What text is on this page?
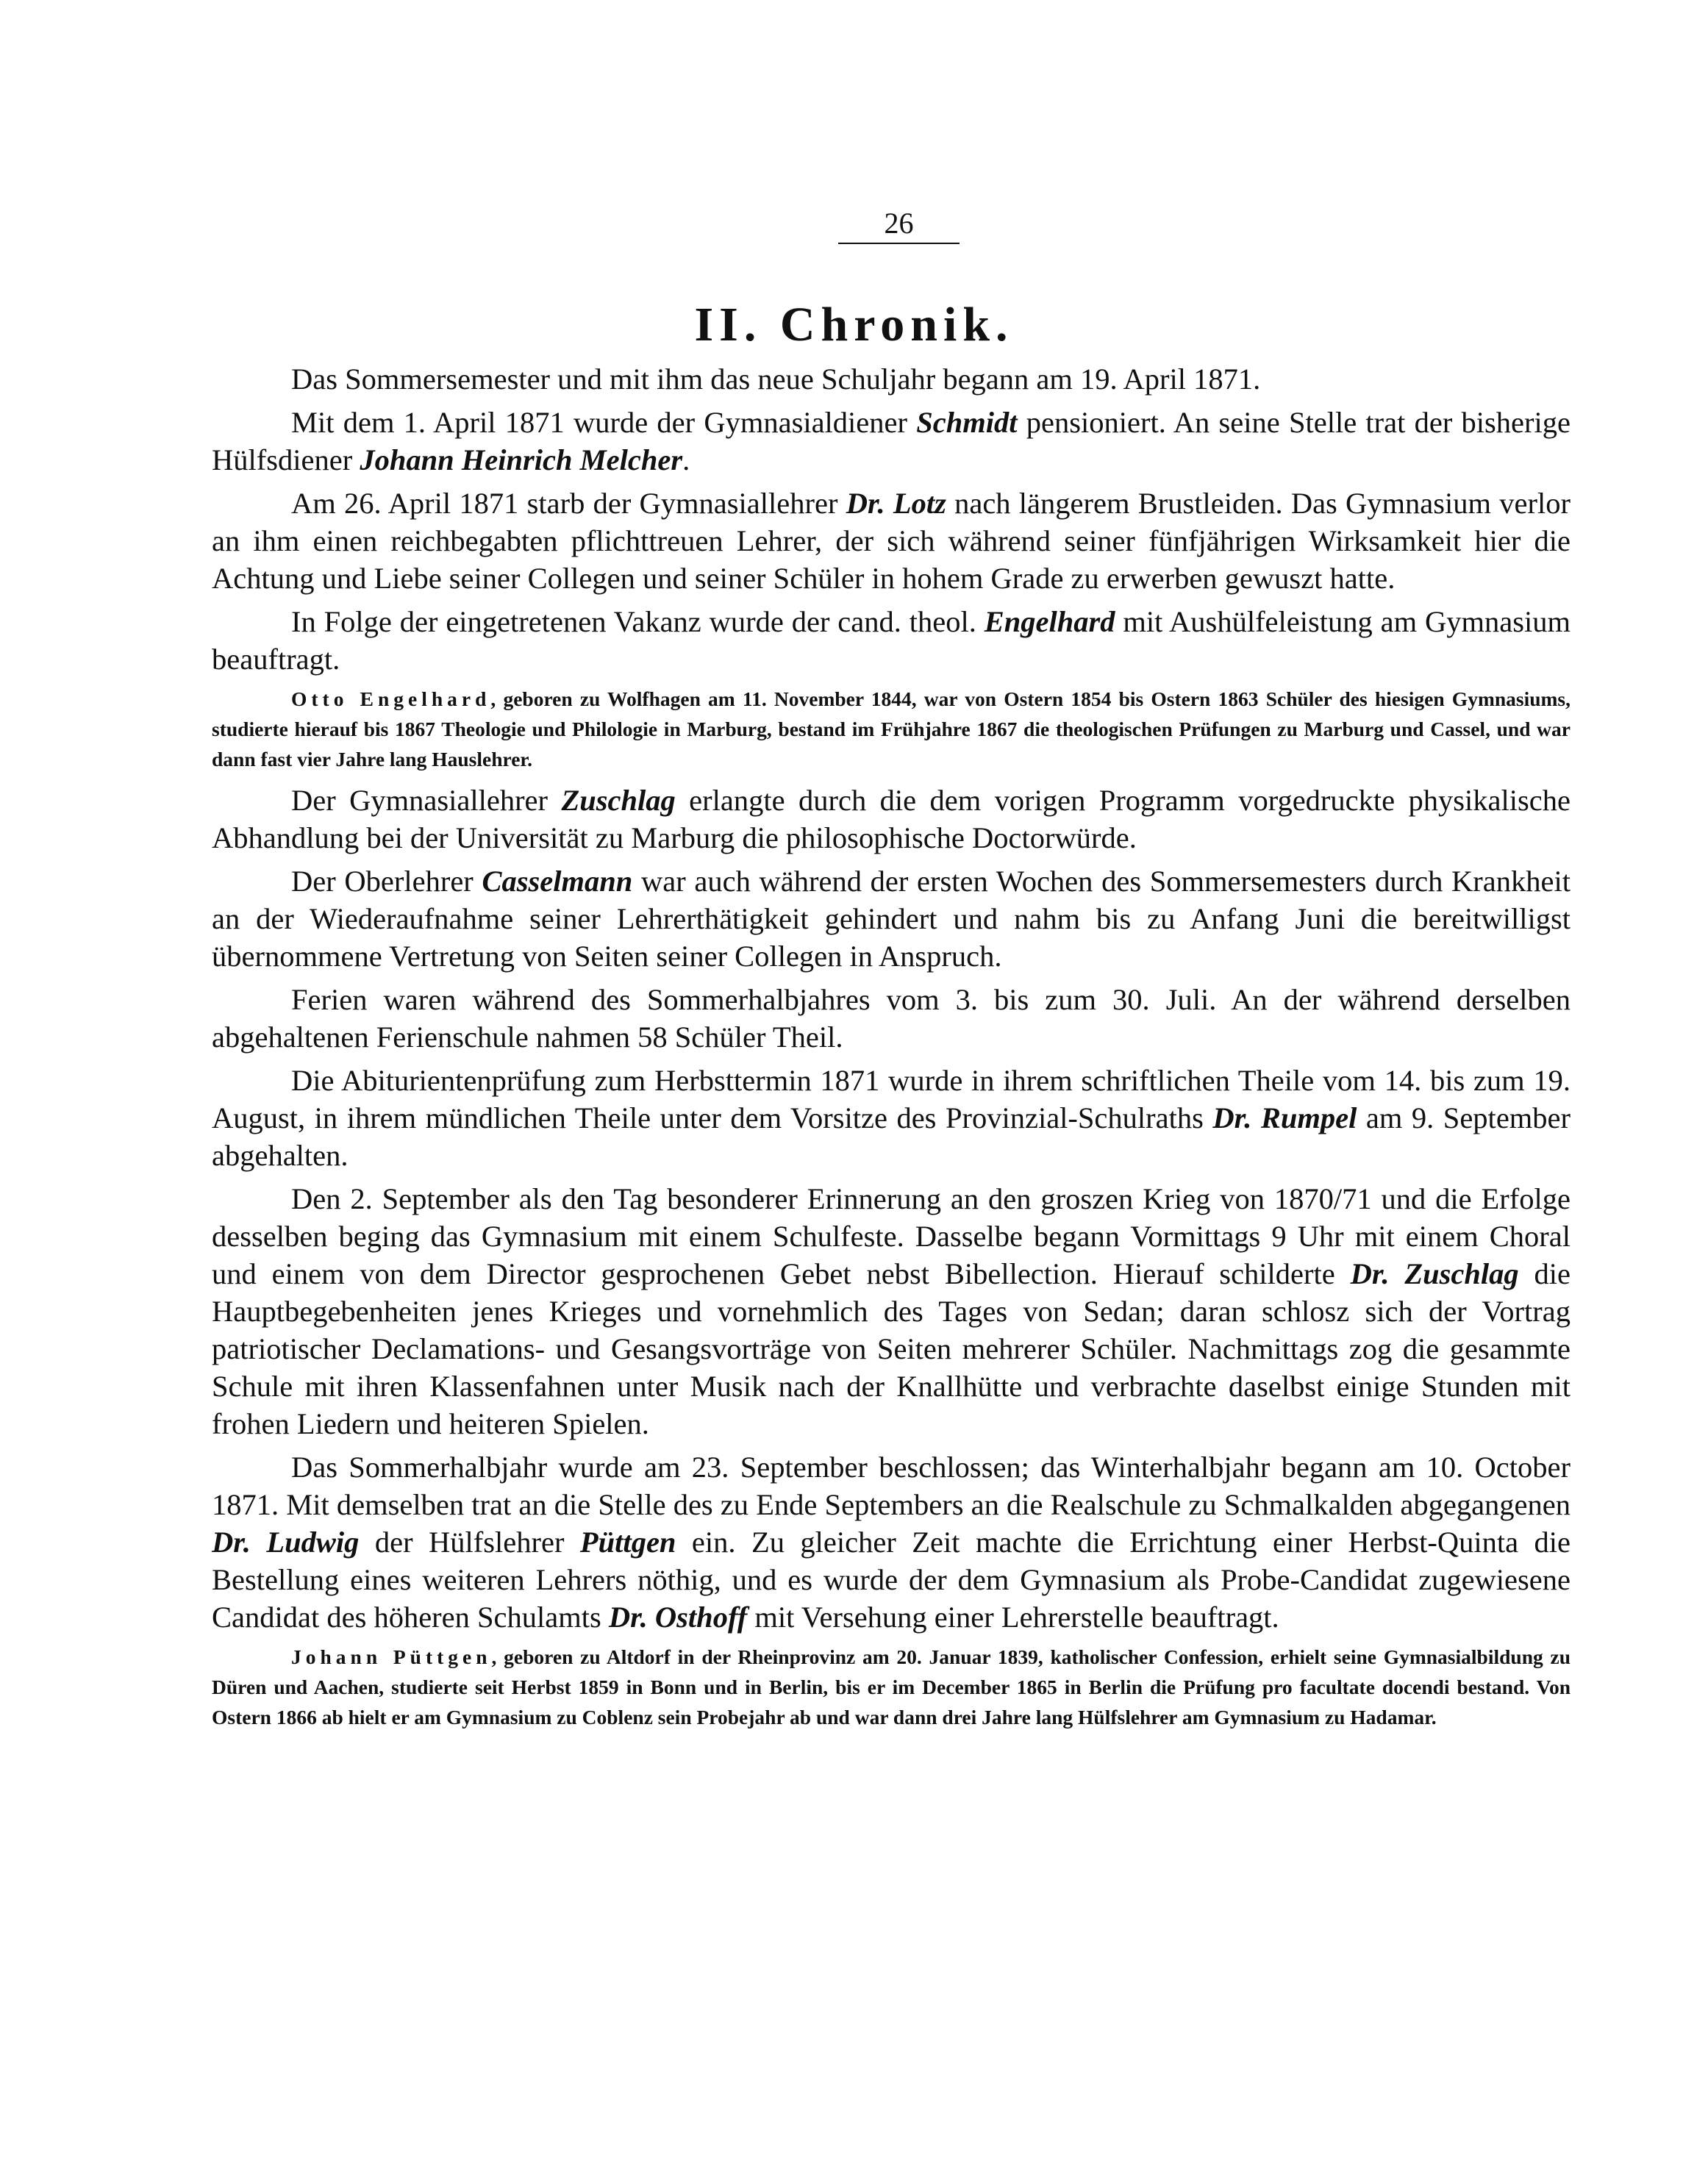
26
II. Chronik.

Das Sommersemester und mit ihm das neue Schuljahr begann am 19. April 1871.

Mit dem 1. April 1871 wurde der Gymnasialdiener Schmidt pensioniert. An seine Stelle trat der bisherige Hülfsdiener Johann Heinrich Melcher.

Am 26. April 1871 starb der Gymnasiallehrer Dr. Lotz nach längerem Brustleiden. Das Gymnasium verlor an ihm einen reichbegabten pflichttreuen Lehrer, der sich während seiner fünfjährigen Wirksamkeit hier die Achtung und Liebe seiner Collegen und seiner Schüler in hohem Grade zu erwerben gewuszt hatte.

In Folge der eingetretenen Vakanz wurde der cand. theol. Engelhard mit Aushülfeleistung am Gymnasium beauftragt.

Otto Engelhard, geboren zu Wolfhagen am 11. November 1844, war von Ostern 1854 bis Ostern 1863 Schüler des hiesigen Gymnasiums, studierte hierauf bis 1867 Theologie und Philologie in Marburg, bestand im Frühjahre 1867 die theologischen Prüfungen zu Marburg und Cassel, und war dann fast vier Jahre lang Hauslehrer.

Der Gymnasiallehrer Zuschlag erlangte durch die dem vorigen Programm vorgedruckte physikalische Abhandlung bei der Universität zu Marburg die philosophische Doctorwürde.

Der Oberlehrer Casselmann war auch während der ersten Wochen des Sommersemesters durch Krankheit an der Wiederaufnahme seiner Lehrerthätigkeit gehindert und nahm bis zu Anfang Juni die bereitwilligst übernommene Vertretung von Seiten seiner Collegen in Anspruch.

Ferien waren während des Sommerhalbjahres vom 3. bis zum 30. Juli. An der während derselben abgehaltenen Ferienschule nahmen 58 Schüler Theil.

Die Abiturientenprüfung zum Herbsttermin 1871 wurde in ihrem schriftlichen Theile vom 14. bis zum 19. August, in ihrem mündlichen Theile unter dem Vorsitze des Provinzial-Schulraths Dr. Rumpel am 9. September abgehalten.

Den 2. September als den Tag besonderer Erinnerung an den groszen Krieg von 1870/71 und die Erfolge desselben beging das Gymnasium mit einem Schulfeste. Dasselbe begann Vormittags 9 Uhr mit einem Choral und einem von dem Director gesprochenen Gebet nebst Bibellection. Hierauf schilderte Dr. Zuschlag die Hauptbegebenheiten jenes Krieges und vornehmlich des Tages von Sedan; daran schlosz sich der Vortrag patriotischer Declamations- und Gesangsvorträge von Seiten mehrerer Schüler. Nachmittags zog die gesammte Schule mit ihren Klassenfahnen unter Musik nach der Knallhütte und verbrachte daselbst einige Stunden mit frohen Liedern und heiteren Spielen.

Das Sommerhalbjahr wurde am 23. September beschlossen; das Winterhalbjahr begann am 10. October 1871. Mit demselben trat an die Stelle des zu Ende Septembers an die Realschule zu Schmalkalden abgegangenen Dr. Ludwig der Hülfslehrer Püttgen ein. Zu gleicher Zeit machte die Errichtung einer Herbst-Quinta die Bestellung eines weiteren Lehrers nöthig, und es wurde der dem Gymnasium als Probe-Candidat zugewiesene Candidat des höheren Schulamts Dr. Osthoff mit Versehung einer Lehrerstelle beauftragt.

Johann Püttgen, geboren zu Altdorf in der Rheinprovinz am 20. Januar 1839, katholischer Confession, erhielt seine Gymnasialbildung zu Düren und Aachen, studierte seit Herbst 1859 in Bonn und in Berlin, bis er im December 1865 in Berlin die Prüfung pro facultate docendi bestand. Von Ostern 1866 ab hielt er am Gymnasium zu Coblenz sein Probejahr ab und war dann drei Jahre lang Hülfslehrer am Gymnasium zu Hadamar.
